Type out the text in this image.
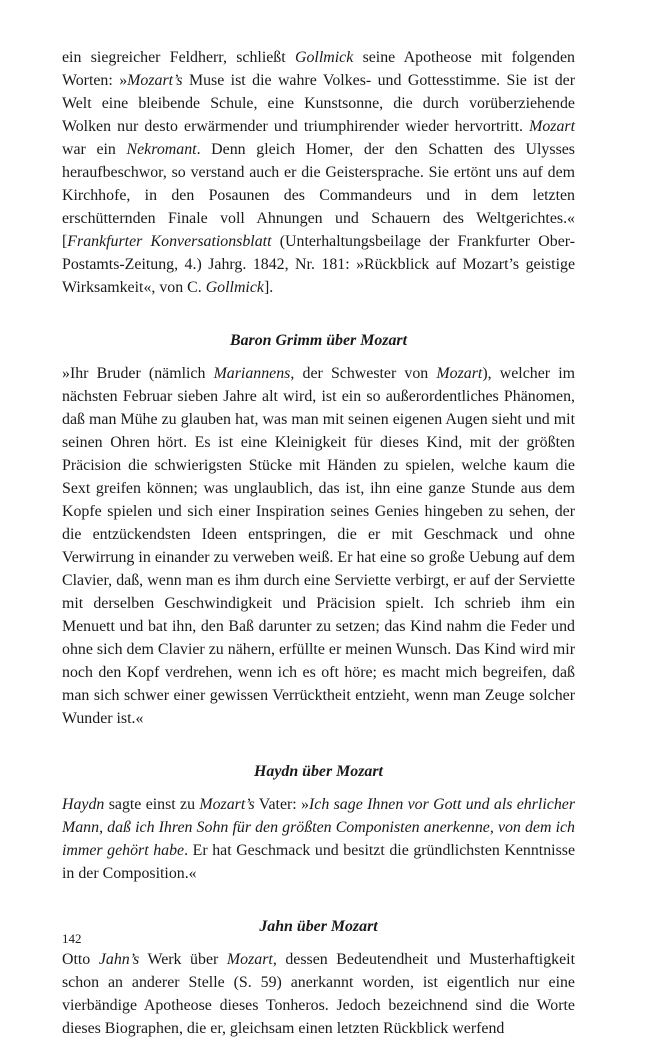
ein siegreicher Feldherr, schließt Gollmick seine Apotheose mit folgenden Worten: »Mozart’s Muse ist die wahre Volkes- und Gottesstimme. Sie ist der Welt eine bleibende Schule, eine Kunstsonne, die durch vorüberziehende Wolken nur desto erwärmender und triumphirender wieder hervortritt. Mozart war ein Nekromant. Denn gleich Homer, der den Schatten des Ulysses heraufbeschwor, so verstand auch er die Geistersprache. Sie ertönt uns auf dem Kirchhofe, in den Posaunen des Commandeurs und in dem letzten erschütternden Finale voll Ahnungen und Schauern des Weltgerichtes.« [Frankfurter Konversationsblatt (Unterhaltungsbeilage der Frankfurter Ober-Postamts-Zeitung, 4.) Jahrg. 1842, Nr. 181: »Rückblick auf Mozart’s geistige Wirksamkeit«, von C. Gollmick].

Baron Grimm über Mozart

»Ihr Bruder (nämlich Mariannens, der Schwester von Mozart), welcher im nächsten Februar sieben Jahre alt wird, ist ein so außerordentliches Phänomen, daß man Mühe zu glauben hat, was man mit seinen eigenen Augen sieht und mit seinen Ohren hört. Es ist eine Kleinigkeit für dieses Kind, mit der größten Präcision die schwierigsten Stücke mit Händen zu spielen, welche kaum die Sext greifen können; was unglaublich, das ist, ihn eine ganze Stunde aus dem Kopfe spielen und sich einer Inspiration seines Genies hingeben zu sehen, der die entzückendsten Ideen entspringen, die er mit Geschmack und ohne Verwirrung in einander zu verweben weiß. Er hat eine so große Uebung auf dem Clavier, daß, wenn man es ihm durch eine Serviette verbirgt, er auf der Serviette mit derselben Geschwindigkeit und Präcision spielt. Ich schrieb ihm ein Menuett und bat ihn, den Baß darunter zu setzen; das Kind nahm die Feder und ohne sich dem Clavier zu nähern, erfüllte er meinen Wunsch. Das Kind wird mir noch den Kopf verdrehen, wenn ich es oft höre; es macht mich begreifen, daß man sich schwer einer gewissen Verrücktheit entzieht, wenn man Zeuge solcher Wunder ist.«

Haydn über Mozart

Haydn sagte einst zu Mozart’s Vater: »Ich sage Ihnen vor Gott und als ehrlicher Mann, daß ich Ihren Sohn für den größten Componisten anerkenne, von dem ich immer gehört habe. Er hat Geschmack und besitzt die gründlichsten Kenntnisse in der Composition.«

Jahn über Mozart

Otto Jahn’s Werk über Mozart, dessen Bedeutendheit und Musterhaftigkeit schon an anderer Stelle (S. 59) anerkannt worden, ist eigentlich nur eine vierbändige Apotheose dieses Tonheros. Jedoch bezeichnend sind die Worte dieses Biographen, die er, gleichsam einen letzten Rückblick werfend

142
